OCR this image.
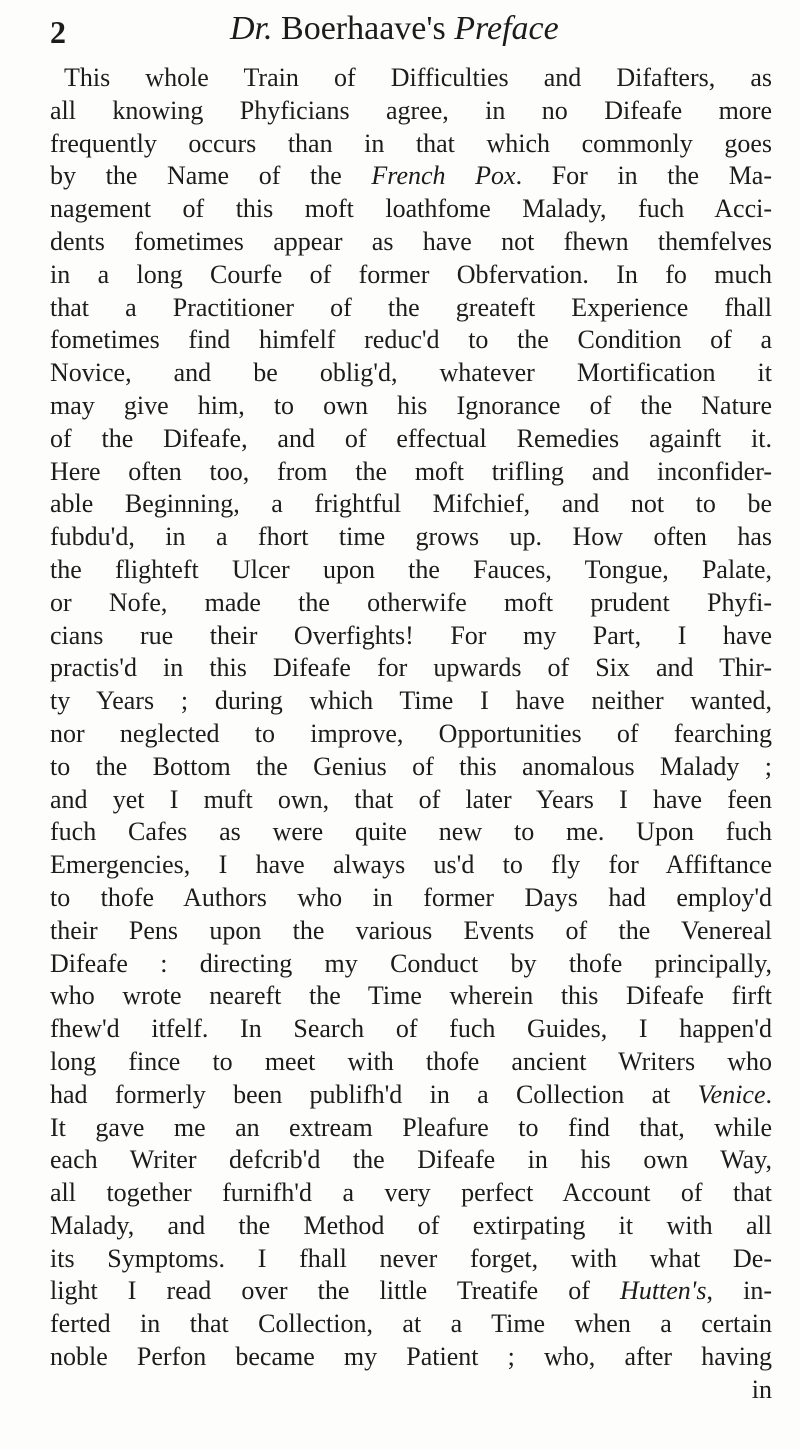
2	Dr. Boerhaave's Preface
This whole Train of Difficulties and Difafters, as
all knowing Phyficians agree, in no Difeafe more
frequently occurs than in that which commonly goes
by the Name of the French Pox. For in the Ma-
nagement of this moft loathfome Malady, fuch Acci-
dents fometimes appear as have not fhewn themfelves
in a long Courfe of former Obfervation. In fo much
that a Practitioner of the greateft Experience fhall
fometimes find himfelf reduc'd to the Condition of a
Novice, and be oblig'd, whatever Mortification it
may give him, to own his Ignorance of the Nature
of the Difeafe, and of effectual Remedies againft it.
Here often too, from the moft trifling and inconfider-
able Beginning, a frightful Mifchief, and not to be
fubdu'd, in a fhort time grows up. How often has
the flighteft Ulcer upon the Fauces, Tongue, Palate,
or Nofe, made the otherwife moft prudent Phyfi-
cians rue their Overfights! For my Part, I have
practis'd in this Difeafe for upwards of Six and Thir-
ty Years ; during which Time I have neither wanted,
nor neglected to improve, Opportunities of fearching
to the Bottom the Genius of this anomalous Malady ;
and yet I muft own, that of later Years I have feen
fuch Cafes as were quite new to me. Upon fuch
Emergencies, I have always us'd to fly for Affiftance
to thofe Authors who in former Days had employ'd
their Pens upon the various Events of the Venereal
Difeafe : directing my Conduct by thofe principally,
who wrote neareft the Time wherein this Difeafe firft
fhew'd itfelf. In Search of fuch Guides, I happen'd
long fince to meet with thofe ancient Writers who
had formerly been publifh'd in a Collection at Venice.
It gave me an extream Pleafure to find that, while
each Writer defcrib'd the Difeafe in his own Way,
all together furnifh'd a very perfect Account of that
Malady, and the Method of extirpating it with all
its Symptoms. I fhall never forget, with what De-
light I read over the little Treatife of Hutten's, in-
ferted in that Collection, at a Time when a certain
noble Perfon became my Patient ; who, after having
in
